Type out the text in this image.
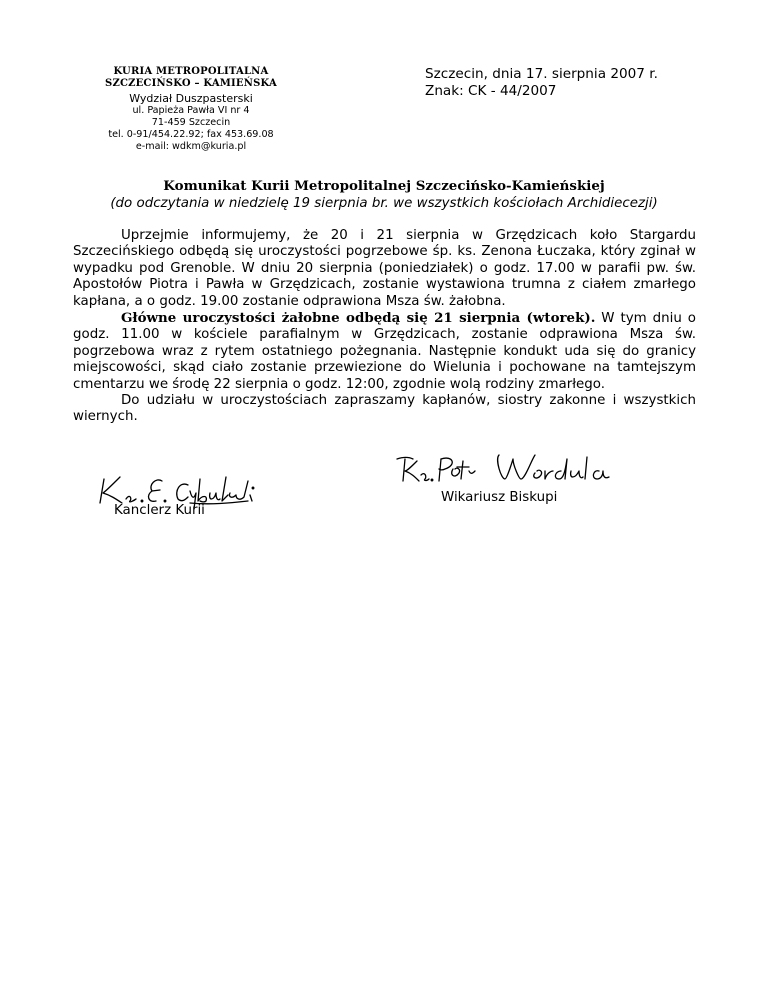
KURIA METROPOLITALNA
SZCZECIŃSKO – KAMIEŃSKA
Wydział Duszpasterski
ul. Papieża Pawła VI nr 4
71-459 Szczecin
tel. 0-91/454.22.92; fax 453.69.08
e-mail: wdkm@kuria.pl
Szczecin, dnia 17. sierpnia 2007 r.
Znak: CK - 44/2007
Komunikat Kurii Metropolitalnej Szczecińsko-Kamieńskiej
(do odczytania w niedzielę 19 sierpnia br. we wszystkich kościołach Archidiecezji)

Uprzejmie informujemy, że 20 i 21 sierpnia w Grzędzicach koło Stargardu Szczecińskiego odbędą się uroczystości pogrzebowe śp. ks. Zenona Łuczaka, który zginał w wypadku pod Grenoble. W dniu 20 sierpnia (poniedziałek) o godz. 17.00 w parafii pw. św. Apostołów Piotra i Pawła w Grzędzicach, zostanie wystawiona trumna z ciałem zmarłego kapłana, a o godz. 19.00 zostanie odprawiona Msza św. żałobna.

Główne uroczystości żałobne odbędą się 21 sierpnia (wtorek). W tym dniu o godz. 11.00 w kościele parafialnym w Grzędzicach, zostanie odprawiona Msza św. pogrzebowa wraz z rytem ostatniego pożegnania. Następnie kondukt uda się do granicy miejscowości, skąd ciało zostanie przewiezione do Wielunia i pochowane na tamtejszym cmentarzu we środę 22 sierpnia o godz. 12:00, zgodnie wolą rodziny zmarłego.

Do udziału w uroczystościach zapraszamy kapłanów, siostry zakonne i wszystkich wiernych.

Kanclerz Kurii
Wikariusz Biskupi
